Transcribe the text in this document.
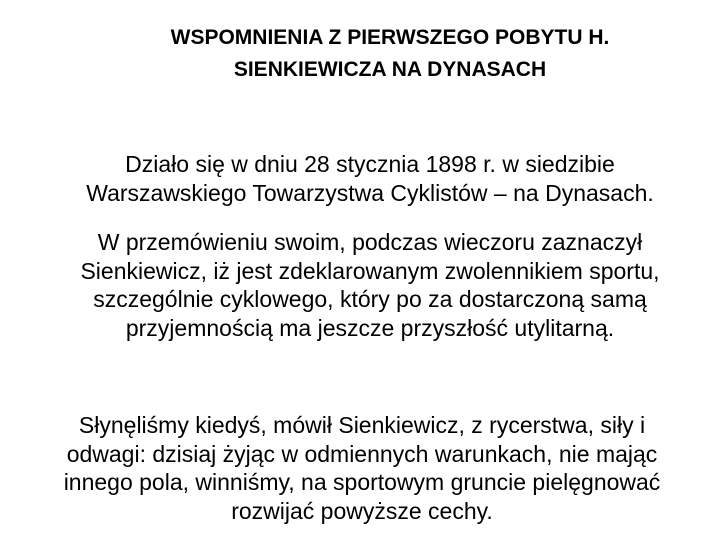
WSPOMNIENIA Z PIERWSZEGO POBYTU H.
SIENKIEWICZA NA DYNASACH
Działo się w dniu 28 stycznia 1898 r. w siedzibie
Warszawskiego Towarzystwa Cyklistów – na Dynasach.
W przemówieniu swoim, podczas wieczoru zaznaczył
Sienkiewicz, iż jest zdeklarowanym zwolennikiem sportu,
szczególnie cyklowego, który po za dostarczoną samą
przyjemnością ma jeszcze przyszłość utylitarną.
Słynęliśmy kiedyś, mówił Sienkiewicz, z rycerstwa, siły i
odwagi: dzisiaj żyjąc w odmiennych warunkach, nie mając
innego pola, winniśmy, na sportowym gruncie pielęgnować
rozwijać powyższe cechy.
